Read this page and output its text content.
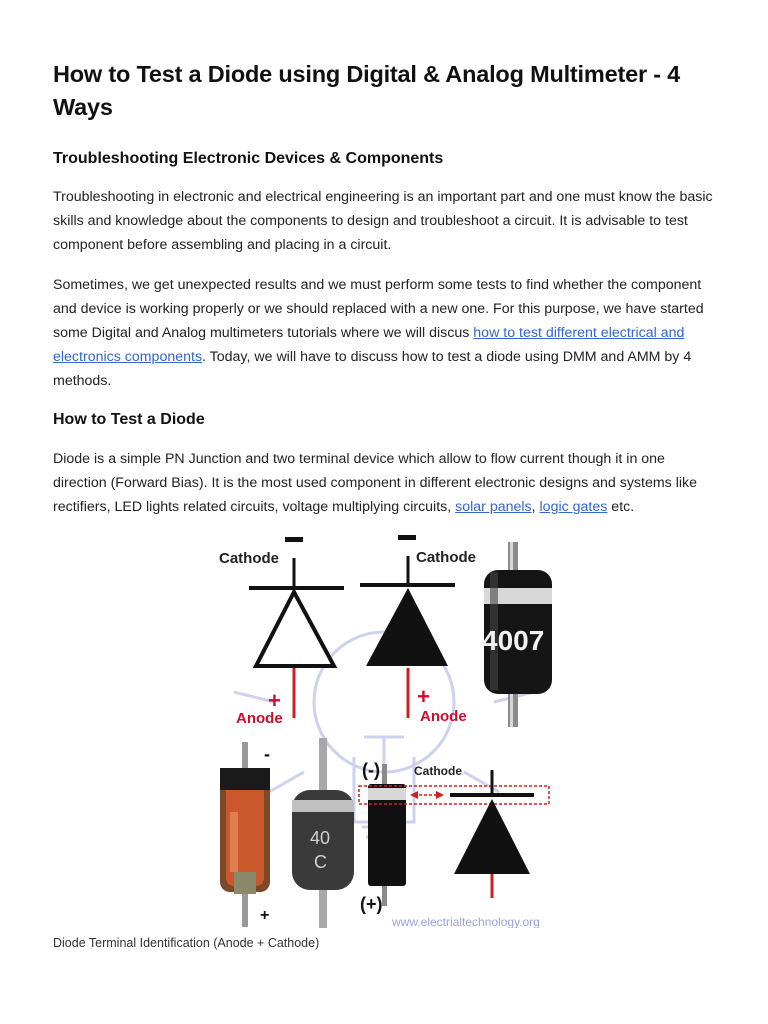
How to Test a Diode using Digital & Analog Multimeter - 4 Ways
Troubleshooting Electronic Devices & Components

Troubleshooting in electronic and electrical engineering is an important part and one must know the basic skills and knowledge about the components to design and troubleshoot a circuit. It is advisable to test component before assembling and placing in a circuit.

Sometimes, we get unexpected results and we must perform some tests to find whether the component and device is working properly or we should replaced with a new one. For this purpose, we have started some Digital and Analog multimeters tutorials where we will discus how to test different electrical and electronics components. Today, we will have to discuss how to test a diode using DMM and AMM by 4 methods.

How to Test a Diode

Diode is a simple PN Junction and two terminal device which allow to flow current though it in one direction (Forward Bias). It is the most used component in different electronic designs and systems like rectifiers, LED lights related circuits, voltage multiplying circuits, solar panels, logic gates etc.

Cathode
+
Anode
Cathode
+
Anode
4007
-
+
40
C
(-)
(+)
Cathode
www.electrialtechnology.org
Diode Terminal Identification (Anode + Cathode)
